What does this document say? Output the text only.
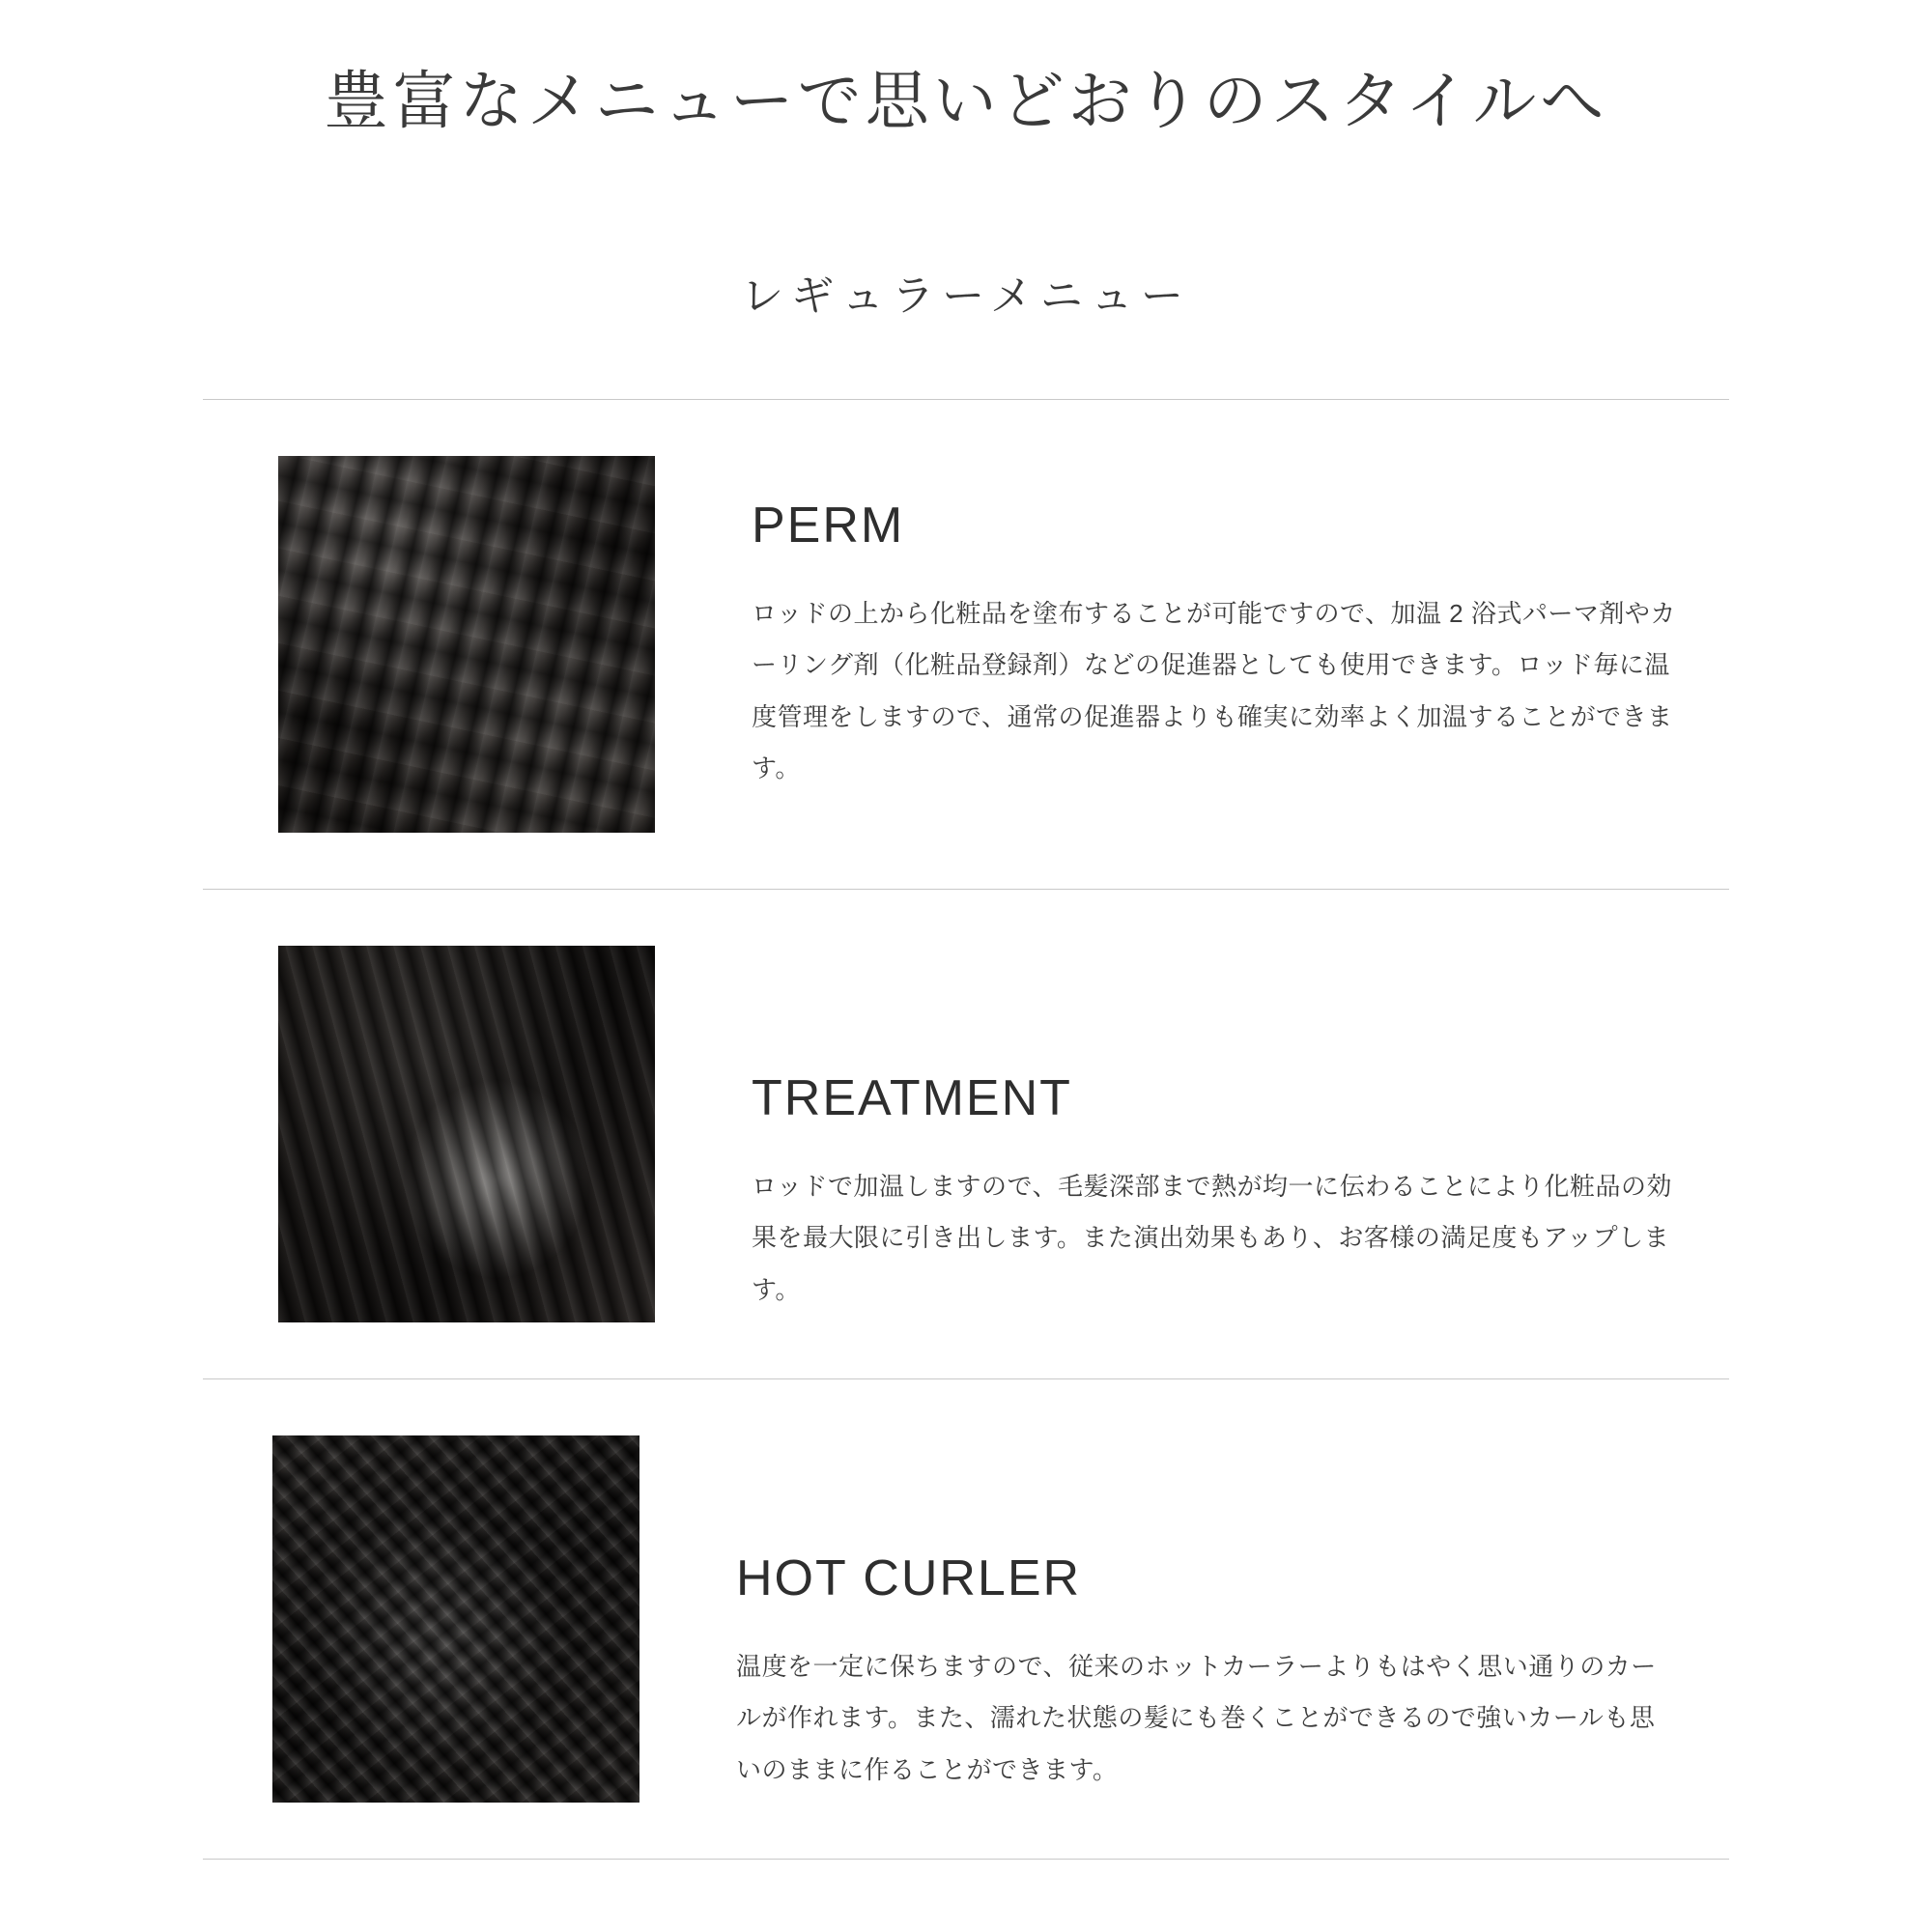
豊富なメニューで思いどおりのスタイルへ
レギュラーメニュー
PERM

ロッドの上から化粧品を塗布することが可能ですので、加温 2 浴式パーマ剤やカーリング剤（化粧品登録剤）などの促進器としても使用できます。ロッド毎に温度管理をしますので、通常の促進器よりも確実に効率よく加温することができます。

TREATMENT

ロッドで加温しますので、毛髪深部まで熱が均一に伝わることにより化粧品の効果を最大限に引き出します。また演出効果もあり、お客様の満足度もアップします。

HOT CURLER

温度を一定に保ちますので、従来のホットカーラーよりもはやく思い通りのカールが作れます。また、濡れた状態の髪にも巻くことができるので強いカールも思いのままに作ることができます。
